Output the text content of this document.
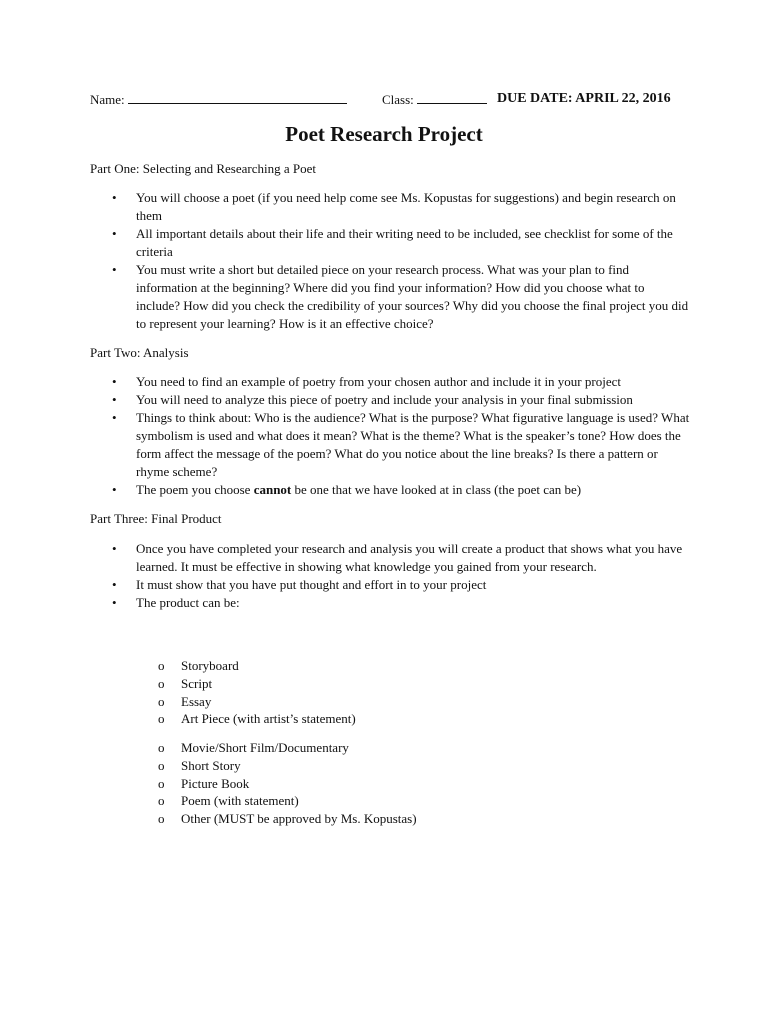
Name:	Class:	DUE DATE: APRIL 22, 2016
Poet Research Project

Part One: Selecting and Researching a Poet

• You will choose a poet (if you need help come see Ms. Kopustas for suggestions) and begin research on them
• All important details about their life and their writing need to be included, see checklist for some of the criteria
• You must write a short but detailed piece on your research process. What was your plan to find information at the beginning? Where did you find your information? How did you choose what to include? How did you check the credibility of your sources? Why did you choose the final project you did to represent your learning? How is it an effective choice?

Part Two: Analysis

• You need to find an example of poetry from your chosen author and include it in your project
• You will need to analyze this piece of poetry and include your analysis in your final submission
• Things to think about: Who is the audience? What is the purpose? What figurative language is used? What symbolism is used and what does it mean? What is the theme? What is the speaker’s tone? How does the form affect the message of the poem? What do you notice about the line breaks? Is there a pattern or rhyme scheme?
• The poem you choose cannot be one that we have looked at in class (the poet can be)

Part Three: Final Product

• Once you have completed your research and analysis you will create a product that shows what you have learned. It must be effective in showing what knowledge you gained from your research.
• It must show that you have put thought and effort in to your project
• The product can be:
o Storyboard
o Script
o Essay
o Art Piece (with artist’s statement)
o Movie/Short Film/Documentary
o Short Story
o Picture Book
o Poem (with statement)
o Other (MUST be approved by Ms. Kopustas)
